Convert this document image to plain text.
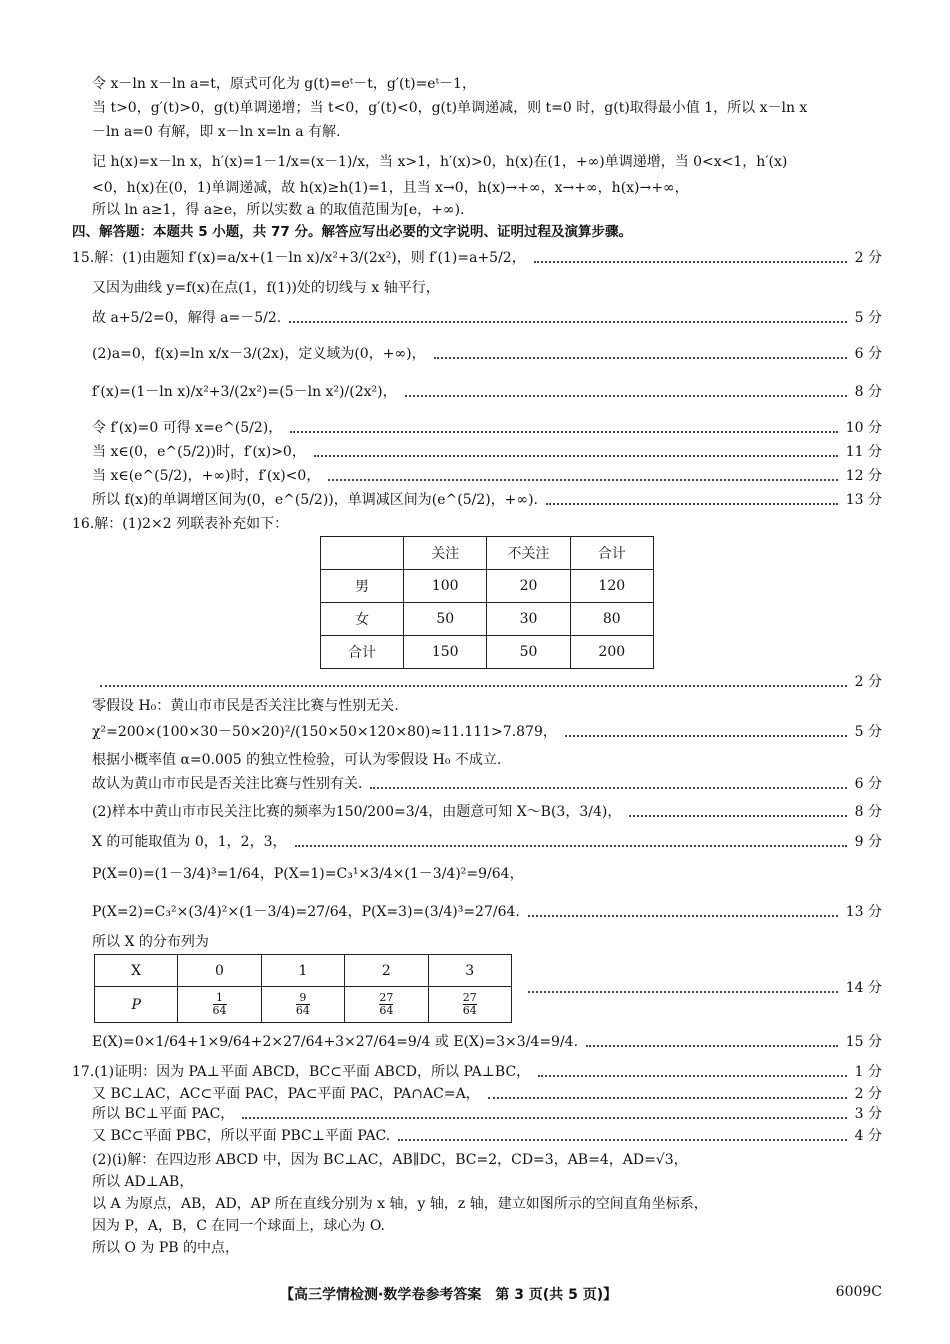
令 x－ln x－ln a=t，原式可化为 g(t)=eᵗ－t，g′(t)=eᵗ－1，
当 t>0，g′(t)>0，g(t)单调递增；当 t<0，g′(t)<0，g(t)单调递减，则 t=0 时，g(t)取得最小值 1，所以 x－ln x
－ln a=0 有解，即 x－ln x=ln a 有解.
记 h(x)=x－ln x，h′(x)=1－1/x=(x－1)/x，当 x>1，h′(x)>0，h(x)在(1，+∞)单调递增，当 0<x<1，h′(x)
<0，h(x)在(0，1)单调递减，故 h(x)≥h(1)=1，且当 x→0，h(x)→+∞，x→+∞，h(x)→+∞，
所以 ln a≥1，得 a≥e，所以实数 a 的取值范围为[e，+∞).
四、解答题：本题共 5 小题，共 77 分。解答应写出必要的文字说明、证明过程及演算步骤。
15.解：(1)由题知 f′(x)=a/x+(1－ln x)/x²+3/(2x²)，则 f′(1)=a+5/2，	2 分
又因为曲线 y=f(x)在点(1，f(1))处的切线与 x 轴平行，
故 a+5/2=0，解得 a=－5/2.	5 分
(2)a=0，f(x)=ln x/x－3/(2x)，定义域为(0，+∞)，	6 分
f′(x)=(1－ln x)/x²+3/(2x²)=(5－ln x²)/(2x²)，	8 分
令 f′(x)=0 可得 x=e^(5/2)，	10 分
当 x∈(0，e^(5/2))时，f′(x)>0，	11 分
当 x∈(e^(5/2)，+∞)时，f′(x)<0，	12 分
所以 f(x)的单调增区间为(0，e^(5/2))，单调减区间为(e^(5/2)，+∞).	13 分
16.解：(1)2×2 列联表补充如下：
	关注	不关注	合计
男	100	20	120
女	50	30	80
合计	150	50	200
2 分
零假设 H₀：黄山市市民是否关注比赛与性别无关.
χ²=200×(100×30－50×20)²/(150×50×120×80)≈11.111>7.879，	5 分
根据小概率值 α=0.005 的独立性检验，可认为零假设 H₀ 不成立.
故认为黄山市市民是否关注比赛与性别有关.	6 分
(2)样本中黄山市市民关注比赛的频率为150/200=3/4，由题意可知 X～B(3，3/4)，	8 分
X 的可能取值为 0，1，2，3，	9 分
P(X=0)=(1－3/4)³=1/64，P(X=1)=C₃¹×3/4×(1－3/4)²=9/64，
P(X=2)=C₃²×(3/4)²×(1－3/4)=27/64，P(X=3)=(3/4)³=27/64.	13 分
所以 X 的分布列为
X	0	1	2	3
P	$\frac{1}{64}$	$\frac{9}{64}$	$\frac{27}{64}$	$\frac{27}{64}$
14 分
E(X)=0×1/64+1×9/64+2×27/64+3×27/64=9/4 或 E(X)=3×3/4=9/4.	15 分
17.(1)证明：因为 PA⊥平面 ABCD，BC⊂平面 ABCD，所以 PA⊥BC，	1 分
又 BC⊥AC，AC⊂平面 PAC，PA⊂平面 PAC，PA∩AC=A，	2 分
所以 BC⊥平面 PAC，	3 分
又 BC⊂平面 PBC，所以平面 PBC⊥平面 PAC.	4 分
(2)(i)解：在四边形 ABCD 中，因为 BC⊥AC，AB∥DC，BC=2，CD=3，AB=4，AD=√3，
所以 AD⊥AB，
以 A 为原点，AB，AD，AP 所在直线分别为 x 轴，y 轴，z 轴，建立如图所示的空间直角坐标系，
因为 P，A，B，C 在同一个球面上，球心为 O.
所以 O 为 PB 的中点，
【高三学情检测·数学卷参考答案　第 3 页(共 5 页)】	6009C
